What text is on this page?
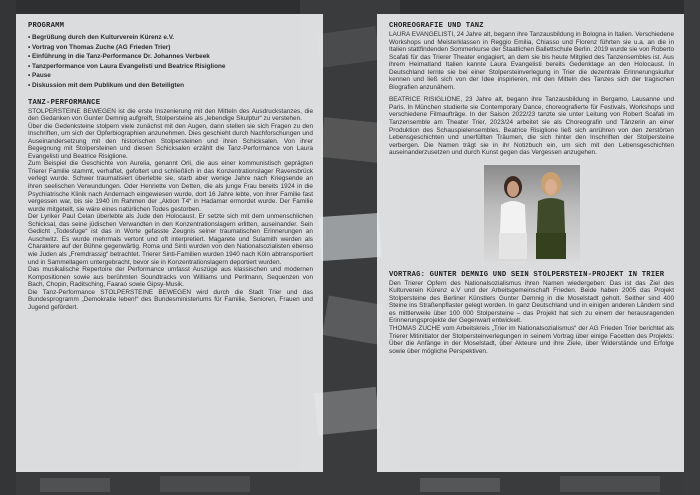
PROGRAMM
• Begrüßung durch den Kulturverein Kürenz e.V.
• Vortrag von Thomas Zuche (AG Frieden Trier)
• Einführung in die Tanz-Performance Dr. Johannes Verbeek
• Tanzperformance von Laura Evangelisti und Beatrice Risiglione
• Pause
• Diskussion mit dem Publikum und den Beteiligten
TANZ-PERFORMANCE

STOLPERSTEINE BEWEGEN ist die erste Inszenierung mit den Mitteln des Ausdruckstanzes, die den Gedanken von Gunter Demnig aufgreift, Stolpersteine als „lebendige Skulptur“ zu verstehen.

Über die Gedenksteine stolpern viele zunächst mit den Augen, dann stellen sie sich Fragen zu den Inschriften, um sich der Opferbiographien anzunehmen. Dies geschieht durch Nachforschungen und Auseinandersetzung mit den historischen Stolpersteinen und ihren Schicksalen. Von ihrer Begegnung mit Stolpersteinen und diesen Schicksalen erzählt die Tanz-Performance von Laura Evangelisti und Beatrice Risiglione.

Zum Beispiel die Geschichte von Aurelia, genannt Orli, die aus einer kommunistisch geprägten Trierer Familie stammt, verhaftet, gefoltert und schließlich in das Konzentrationslager Ravensbrück verlegt wurde. Schwer traumatisiert überlebte sie, starb aber wenige Jahre nach Kriegsende an ihren seelischen Verwundungen. Oder Henriette von Detten, die als junge Frau bereits 1924 in die Psychiatrische Klinik nach Andernach eingewiesen wurde, dort 16 Jahre lebte, von ihrer Familie fast vergessen war, bis sie 1940 im Rahmen der „Aktion T4“ in Hadamar ermordet wurde. Der Familie wurde mitgeteilt, sie wäre eines natürlichen Todes gestorben.

Der Lyriker Paul Celan überlebte als Jude den Holocaust. Er setzte sich mit dem unmenschlichen Schicksal, das seine jüdischen Verwandten in den Konzentrationslagern erlitten, auseinander. Sein Gedicht „Todesfuge“ ist das in Worte gefasste Zeugnis seiner traumatischen Erinnerungen an Auschwitz. Es wurde mehrmals vertont und oft interpretiert. Magarete und Sulamith werden als Charaktere auf der Bühne gegenwärtig. Roma und Sinti wurden von den Nationalsozialisten ebenso wie Juden als „Fremdrassig“ betrachtet. Trierer Sinti-Familien wurden 1940 nach Köln abtransportiert und in Sammellagern untergebracht, bevor sie in Konzentrationslagern deportiert wurden.

Das musikalische Repertoire der Performance umfasst Auszüge aus klassischen und modernen Kompositionen sowie aus berühmten Soundtracks von Williams und Perlmann, Sequenzen von Bach, Chopin, Raditsching, Faaraó sowie Gipsy-Musik.

Die Tanz-Performance STOLPERSTEINE BEWEGEN wird durch die Stadt Trier und das Bundesprogramm „Demokratie leben!“ des Bundesministeriums für Familie, Senioren, Frauen und Jugend gefördert.

CHOREOGRAFIE UND TANZ

LAURA EVANGELISTI, 24 Jahre alt, begann ihre Tanzausbildung in Bologna in Italien. Verschiedene Workshops und Meisterklassen in Reggio Emilia, Chiasso und Florenz führten sie u.a. an die in Italien stattfindenden Sommerkurse der Staatlichen Ballettschule Berlin. 2019 wurde sie von Roberto Scafati für das Trierer Theater engagiert, an dem sie bis heute Mitglied des Tanzensembles ist. Aus ihrem Heimatland Italien kannte Laura Evangelisti bereits Gedenktage an den Holocaust. In Deutschland lernte sie bei einer Stolpersteinverlegung in Trier die dezentrale Erinnerungskultur kennen und ließ sich von der Idee inspirieren, mit den Mitteln des Tanzes sich der tragischen Biografien anzunähern.

BEATRICE RISIGLIONE, 23 Jahre alt, begann ihre Tanzausbildung in Bergamo, Lausanne und Paris. In München studierte sie Contemporary Dance, choreografierte für Festivals, Workshops und verschiedene Filmaufträge. In der Saison 2022/23 tanzte sie unter Leitung von Robert Scafati im Tanzensemble am Theater Trier, 2023/24 arbeitet sie als Choreografin und Tänzerin an einer Produktion des Schauspielensembles. Beatrice Risiglione ließ sich anrühren von den zerstörten Lebensgeschichten und unerfüllten Träumen, die sich hinter den Inschriften der Stolpersteine verbergen. Die Namen trägt sie in ihr Notizbuch ein, um sich mit den Lebensgeschichten auseinanderzusetzen und durch Kunst gegen das Vergessen anzugehen.

VORTRAG: GUNTER DEMNIG UND SEIN STOLPERSTEIN-PROJEKT IN TRIER

Den Trierer Opfern des Nationalsozialismus ihren Namen wiedergeben: Das ist das Ziel des Kulturverein Kürenz e.V und der Arbeitsgemeinschaft Frieden. Beide haben 2005 das Projekt Stolpersteine des Berliner Künstlers Gunter Demnig in die Moselstadt geholt. Seither sind 400 Steine ins Straßenpflaster gelegt worden. In ganz Deutschland und in einigen anderen Ländern sind es mittlerweile über 100 000 Stolpersteine – das Projekt hat sich zu einem der herausragenden Erinnerungsprojekte der Gegenwart entwickelt.

THOMAS ZUCHE vom Arbeitskreis „Trier im Nationalsozialismus“ der AG Frieden Trier berichtet als Trierer Mitinitiator der Stolpersteinverlegungen in seinem Vortrag über einige Facetten des Projekts: Über die Anfänge in der Moselstadt, über Akteure und ihre Ziele, über Widerstände und Erfolge sowie über mögliche Perspektiven.
